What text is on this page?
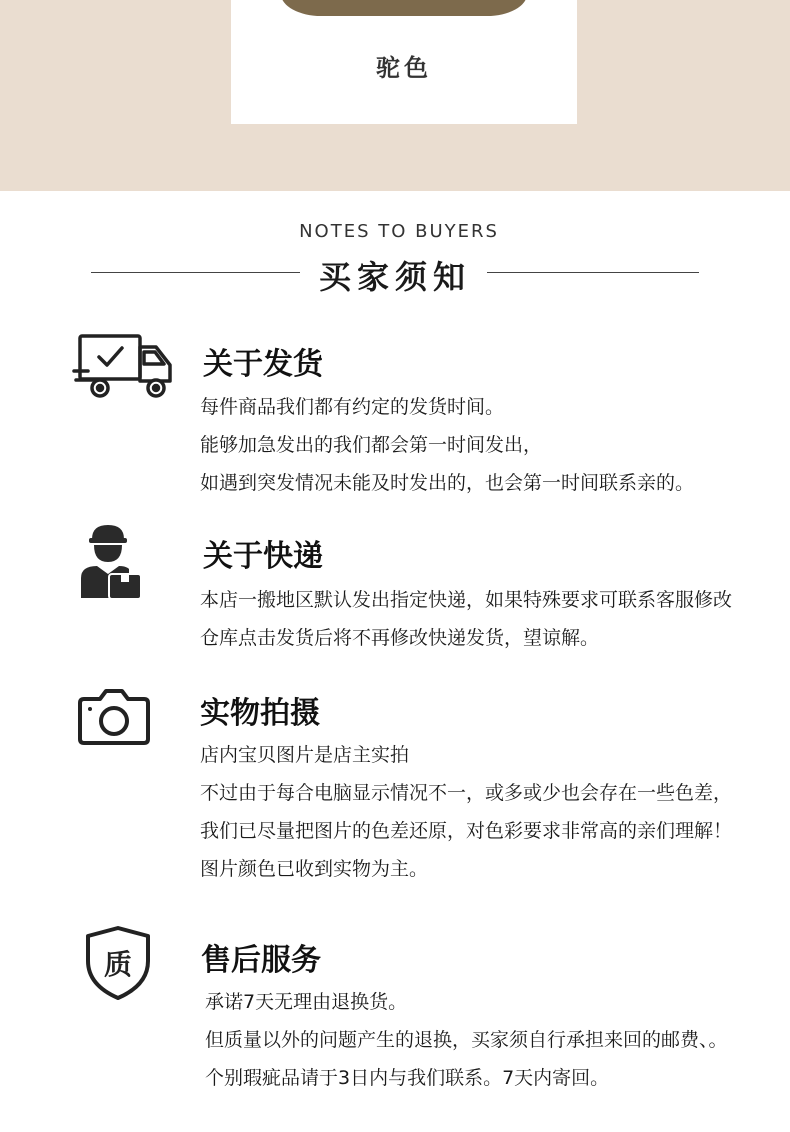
驼色
NOTES TO BUYERS
买家须知
关于发货
每件商品我们都有约定的发货时间。
能够加急发出的我们都会第一时间发出，
如遇到突发情况未能及时发出的，也会第一时间联系亲的。
关于快递
本店一搬地区默认发出指定快递，如果特殊要求可联系客服修改
仓库点击发货后将不再修改快递发货，望谅解。
实物拍摄
店内宝贝图片是店主实拍
不过由于每合电脑显示情况不一，或多或少也会存在一些色差，
我们已尽量把图片的色差还原，对色彩要求非常高的亲们理解！
图片颜色已收到实物为主。
质 售后服务
承诺7天无理由退换货。
但质量以外的问题产生的退换，买家须自行承担来回的邮费、。
个别瑕疵品请于3日内与我们联系。7天内寄回。
